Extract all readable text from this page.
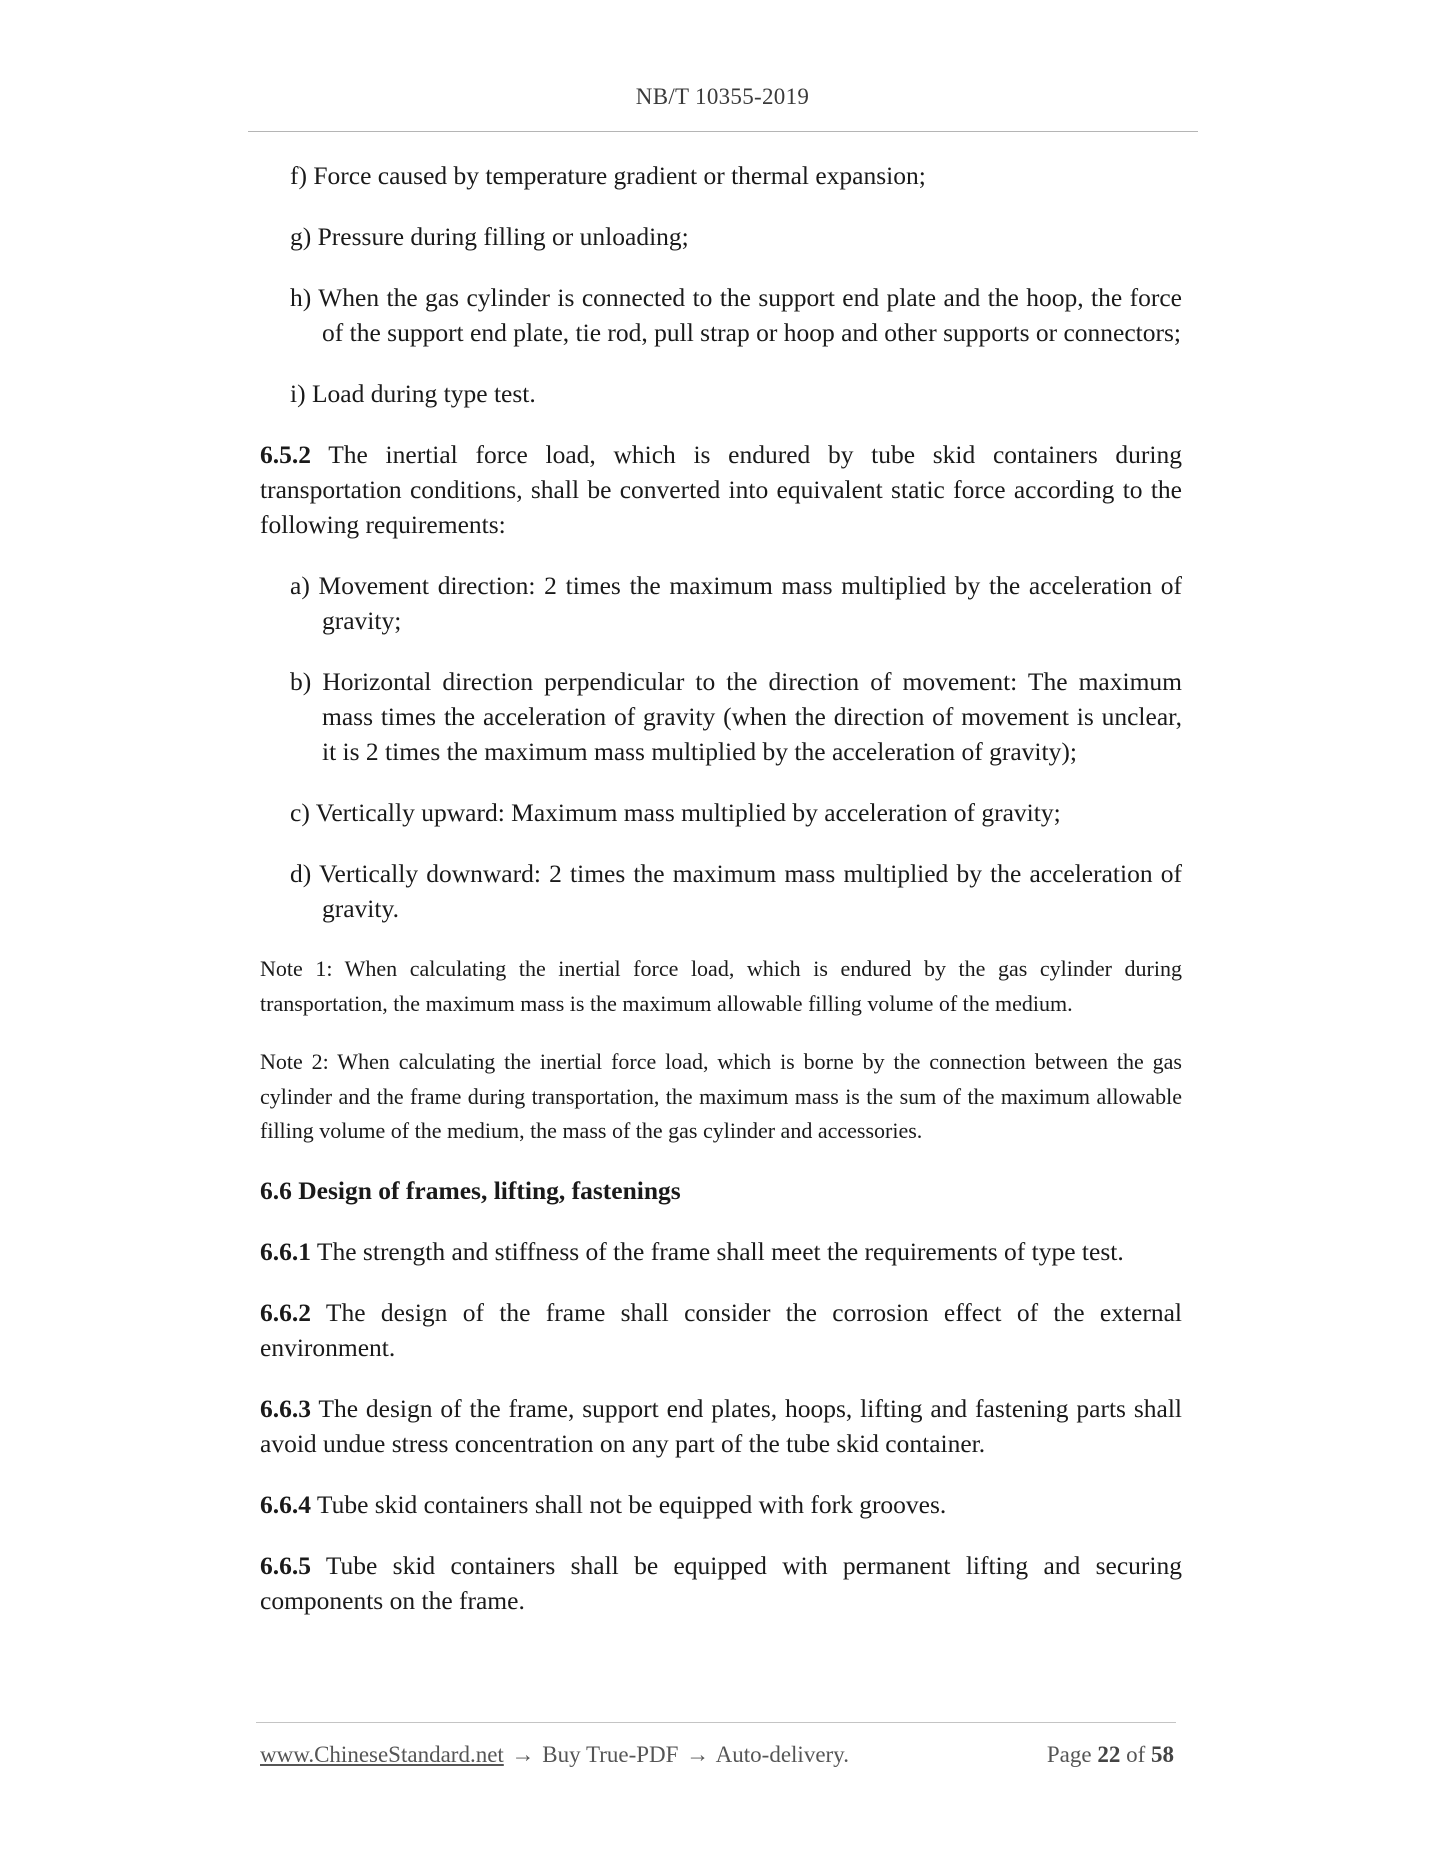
NB/T 10355-2019
f) Force caused by temperature gradient or thermal expansion;
g) Pressure during filling or unloading;
h) When the gas cylinder is connected to the support end plate and the hoop, the force of the support end plate, tie rod, pull strap or hoop and other supports or connectors;
i) Load during type test.
6.5.2 The inertial force load, which is endured by tube skid containers during transportation conditions, shall be converted into equivalent static force according to the following requirements:
a) Movement direction: 2 times the maximum mass multiplied by the acceleration of gravity;
b) Horizontal direction perpendicular to the direction of movement: The maximum mass times the acceleration of gravity (when the direction of movement is unclear, it is 2 times the maximum mass multiplied by the acceleration of gravity);
c) Vertically upward: Maximum mass multiplied by acceleration of gravity;
d) Vertically downward: 2 times the maximum mass multiplied by the acceleration of gravity.
Note 1: When calculating the inertial force load, which is endured by the gas cylinder during transportation, the maximum mass is the maximum allowable filling volume of the medium.
Note 2: When calculating the inertial force load, which is borne by the connection between the gas cylinder and the frame during transportation, the maximum mass is the sum of the maximum allowable filling volume of the medium, the mass of the gas cylinder and accessories.
6.6 Design of frames, lifting, fastenings
6.6.1 The strength and stiffness of the frame shall meet the requirements of type test.
6.6.2 The design of the frame shall consider the corrosion effect of the external environment.
6.6.3 The design of the frame, support end plates, hoops, lifting and fastening parts shall avoid undue stress concentration on any part of the tube skid container.
6.6.4 Tube skid containers shall not be equipped with fork grooves.
6.6.5 Tube skid containers shall be equipped with permanent lifting and securing components on the frame.
www.ChineseStandard.net → Buy True-PDF → Auto-delivery.	Page 22 of 58
